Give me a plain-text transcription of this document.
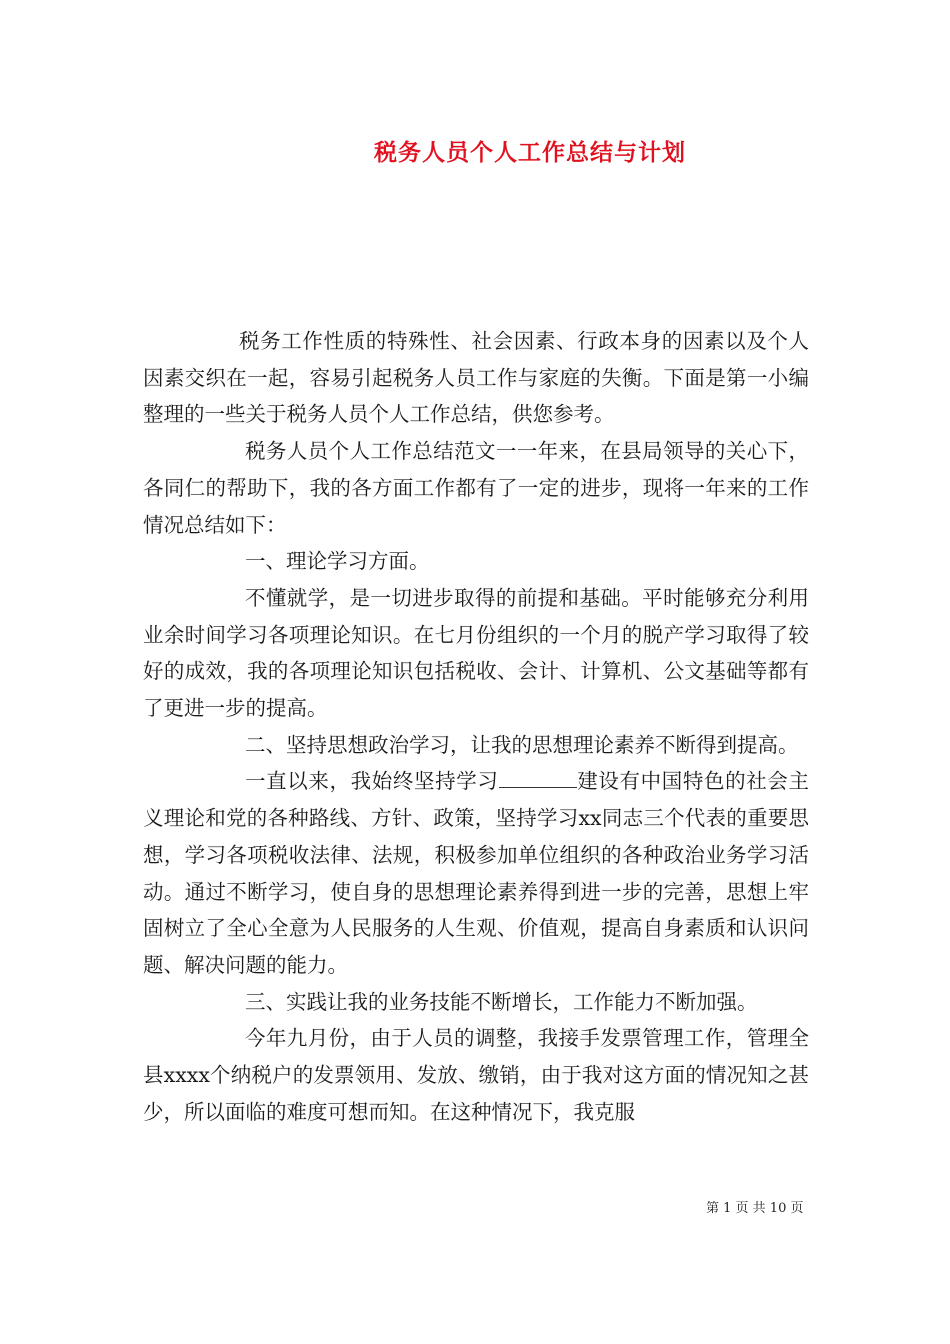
税务人员个人工作总结与计划

税务工作性质的特殊性、社会因素、行政本身的因素以及个人因素交织在一起，容易引起税务人员工作与家庭的失衡。下面是第一小编整理的一些关于税务人员个人工作总结，供您参考。

税务人员个人工作总结范文一一年来，在县局领导的关心下，各同仁的帮助下，我的各方面工作都有了一定的进步，现将一年来的工作情况总结如下：

一、理论学习方面。

不懂就学，是一切进步取得的前提和基础。平时能够充分利用业余时间学习各项理论知识。在七月份组织的一个月的脱产学习取得了较好的成效，我的各项理论知识包括税收、会计、计算机、公文基础等都有了更进一步的提高。

二、坚持思想政治学习，让我的思想理论素养不断得到提高。

一直以来，我始终坚持学习	建设有中国特色的社会主义理论和党的各种路线、方针、政策，坚持学习xx同志三个代表的重要思想，学习各项税收法律、法规，积极参加单位组织的各种政治业务学习活动。通过不断学习，使自身的思想理论素养得到进一步的完善，思想上牢固树立了全心全意为人民服务的人生观、价值观，提高自身素质和认识问题、解决问题的能力。

三、实践让我的业务技能不断增长，工作能力不断加强。

今年九月份，由于人员的调整，我接手发票管理工作，管理全县xxxx个纳税户的发票领用、发放、缴销，由于我对这方面的情况知之甚少，所以面临的难度可想而知。在这种情况下，我克服

第 1 页 共 10 页
